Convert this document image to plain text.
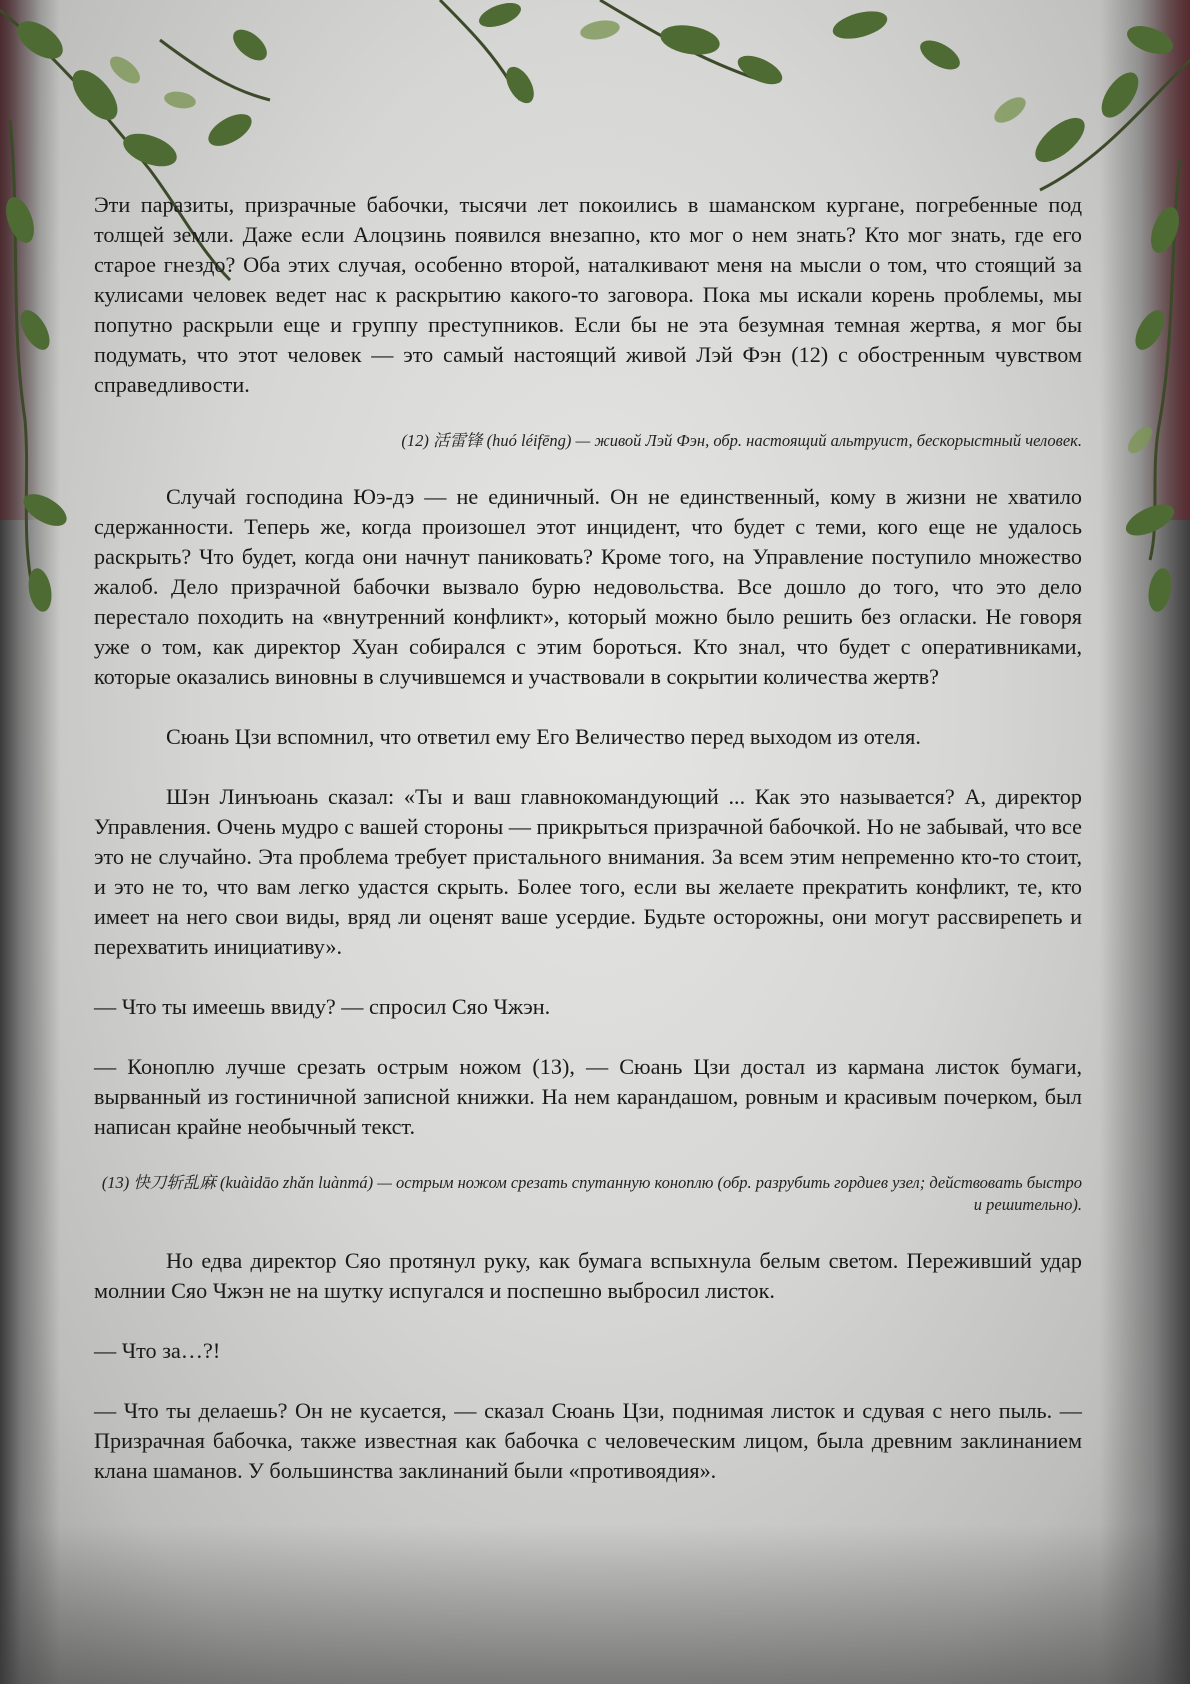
Эти паразиты, призрачные бабочки, тысячи лет покоились в шаманском кургане, погребенные под толщей земли. Даже если Алоцзинь появился внезапно, кто мог о нем знать? Кто мог знать, где его старое гнездо? Оба этих случая, особенно второй, наталкивают меня на мысли о том, что стоящий за кулисами человек ведет нас к раскрытию какого-то заговора. Пока мы искали корень проблемы, мы попутно раскрыли еще и группу преступников. Если бы не эта безумная темная жертва, я мог бы подумать, что этот человек — это самый настоящий живой Лэй Фэн (12) с обостренным чувством справедливости.

(12) 活雷锋 (huó léifēng) — живой Лэй Фэн, обр. настоящий альтруист, бескорыстный человек.

Случай господина Юэ-дэ — не единичный. Он не единственный, кому в жизни не хватило сдержанности. Теперь же, когда произошел этот инцидент, что будет с теми, кого еще не удалось раскрыть? Что будет, когда они начнут паниковать? Кроме того, на Управление поступило множество жалоб. Дело призрачной бабочки вызвало бурю недовольства. Все дошло до того, что это дело перестало походить на «внутренний конфликт», который можно было решить без огласки. Не говоря уже о том, как директор Хуан собирался с этим бороться. Кто знал, что будет с оперативниками, которые оказались виновны в случившемся и участвовали в сокрытии количества жертв?

Сюань Цзи вспомнил, что ответил ему Его Величество перед выходом из отеля.

Шэн Линъюань сказал: «Ты и ваш главнокомандующий ... Как это называется? А, директор Управления. Очень мудро с вашей стороны — прикрыться призрачной бабочкой. Но не забывай, что все это не случайно. Эта проблема требует пристального внимания. За всем этим непременно кто-то стоит, и это не то, что вам легко удастся скрыть. Более того, если вы желаете прекратить конфликт, те, кто имеет на него свои виды, вряд ли оценят ваше усердие. Будьте осторожны, они могут рассвирепеть и перехватить инициативу».

— Что ты имеешь ввиду? — спросил Сяо Чжэн.

— Коноплю лучше срезать острым ножом (13), — Сюань Цзи достал из кармана листок бумаги, вырванный из гостиничной записной книжки. На нем карандашом, ровным и красивым почерком, был написан крайне необычный текст.

(13) 快刀斩乱麻 (kuàidāo zhǎn luànmá) — острым ножом срезать спутанную коноплю (обр. разрубить гордиев узел; действовать быстро и решительно).

Но едва директор Сяо протянул руку, как бумага вспыхнула белым светом. Переживший удар молнии Сяо Чжэн не на шутку испугался и поспешно выбросил листок.

— Что за…?!

— Что ты делаешь? Он не кусается, — сказал Сюань Цзи, поднимая листок и сдувая с него пыль. — Призрачная бабочка, также известная как бабочка с человеческим лицом, была древним заклинанием клана шаманов. У большинства заклинаний были «противоядия».
